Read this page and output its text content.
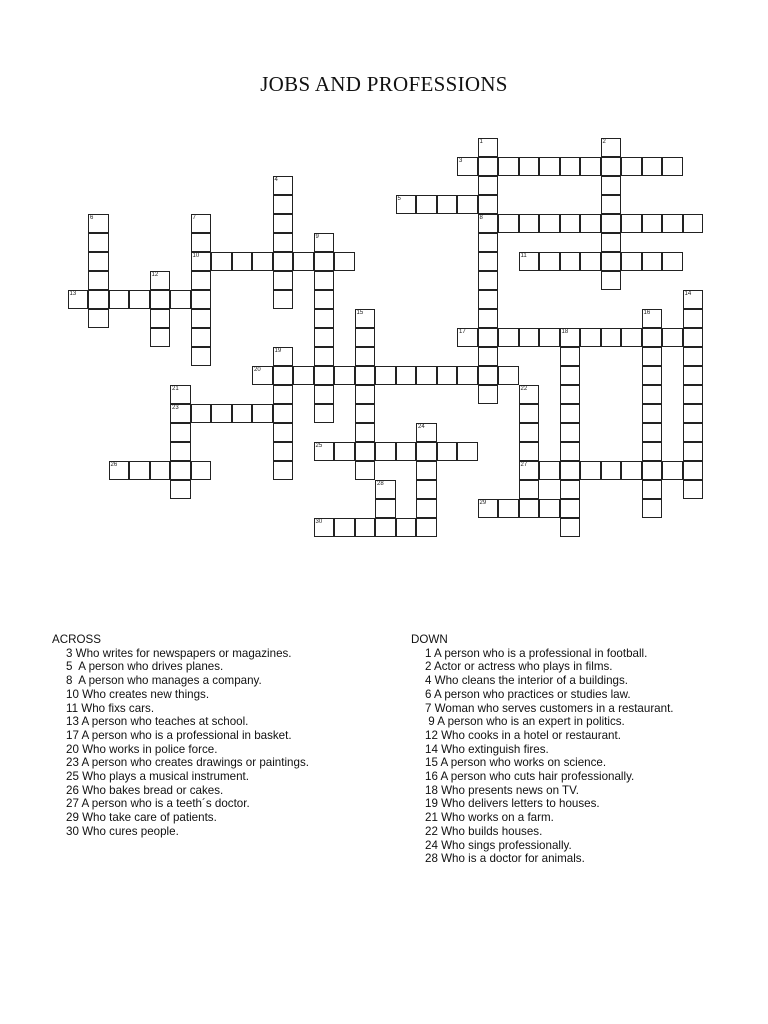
JOBS AND PROFESSIONS
1
8
2
3
4
5
6	7
10
9
11
12
13	14
15	16
17	18
19
20
21
23
22
27
24
25
26
28
29
30
ACROSS
3 Who writes for newspapers or magazines.
5  A person who drives planes.
8  A person who manages a company.
10 Who creates new things.
11 Who fixs cars.
13 A person who teaches at school.
17 A person who is a professional in basket.
20 Who works in police force.
23 A person who creates drawings or paintings.
25 Who plays a musical instrument.
26 Who bakes bread or cakes.
27 A person who is a teeth´s doctor.
29 Who take care of patients.
30 Who cures people.
DOWN
1 A person who is a professional in football.
2 Actor or actress who plays in films.
4 Who cleans the interior of a buildings.
6 A person who practices or studies law.
7 Woman who serves customers in a restaurant.
9 A person who is an expert in politics.
12 Who cooks in a hotel or restaurant.
14 Who extinguish fires.
15 A person who works on science.
16 A person who cuts hair professionally.
18 Who presents news on TV.
19 Who delivers letters to houses.
21 Who works on a farm.
22 Who builds houses.
24 Who sings professionally.
28 Who is a doctor for animals.
